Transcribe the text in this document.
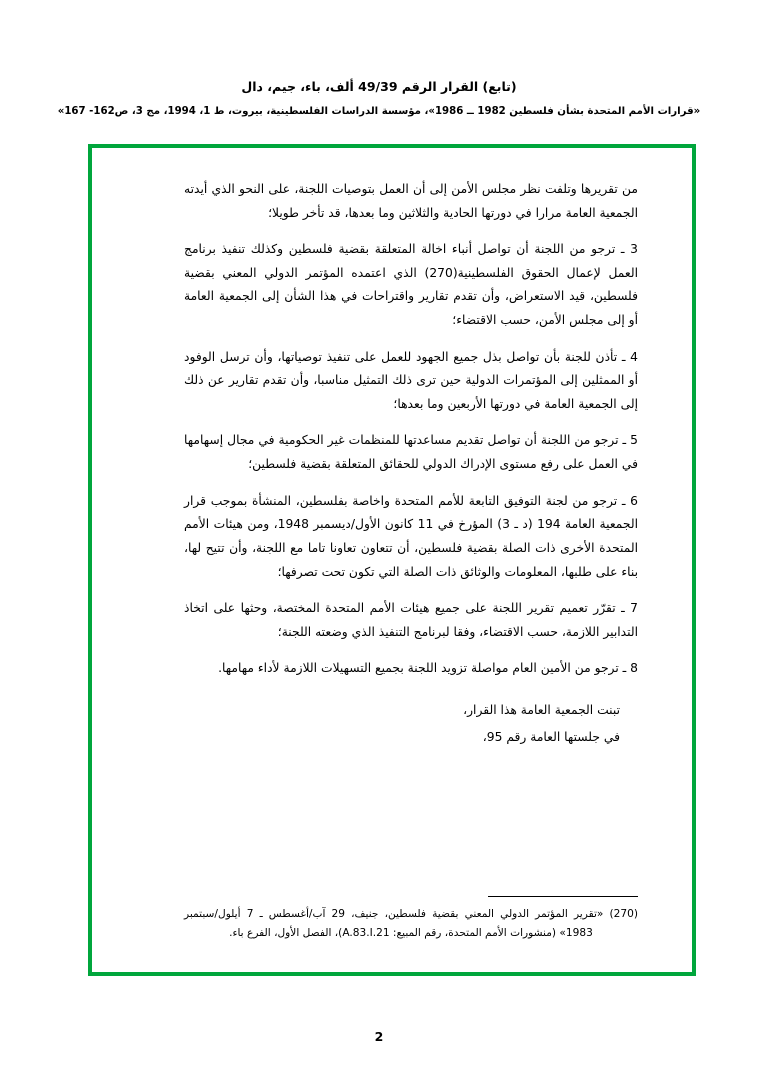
(تابع) القرار الرقم 49/39 ألف، باء، جيم، دال
«قرارات الأمم المتحدة بشأن فلسطين 1982 ــ 1986»، مؤسسة الدراسات الفلسطينية، بيروت، ط 1، 1994، مج 3، ص162- 167»

من تقريرها وتلفت نظر مجلس الأمن إلى أن العمل بتوصيات اللجنة، على النحو الذي أيدته الجمعية العامة مرارا في دورتها الحادية والثلاثين وما بعدها، قد تأخر طويلا؛

3 ـ ترجو من اللجنة أن تواصل أنباء اخالة المتعلقة بقضية فلسطين وكذلك تنفيذ برنامج العمل لإعمال الحقوق الفلسطينية(270) الذي اعتمده المؤتمر الدولي المعني بقضية فلسطين، قيد الاستعراض، وأن تقدم تقارير واقتراحات في هذا الشأن إلى الجمعية العامة أو إلى مجلس الأمن، حسب الاقتضاء؛

4 ـ تأذن للجنة بأن تواصل بذل جميع الجهود للعمل على تنفيذ توصياتها، وأن ترسل الوفود أو الممثلين إلى المؤتمرات الدولية حين ترى ذلك التمثيل مناسبا، وأن تقدم تقارير عن ذلك إلى الجمعية العامة في دورتها الأربعين وما بعدها؛

5 ـ ترجو من اللجنة أن تواصل تقديم مساعدتها للمنظمات غير الحكومية في مجال إسهامها في العمل على رفع مستوى الإدراك الدولي للحقائق المتعلقة بقضية فلسطين؛

6 ـ ترجو من لجنة التوفيق التابعة للأمم المتحدة واخاصة بفلسطين، المنشأة بموجب قرار الجمعية العامة 194 (د ـ 3) المؤرخ في 11 كانون الأول/ديسمبر 1948، ومن هيئات الأمم المتحدة الأخرى ذات الصلة بقضية فلسطين، أن تتعاون تعاونا تاما مع اللجنة، وأن تتيح لها، بناء على طلبها، المعلومات والوثائق ذات الصلة التي تكون تحت تصرفها؛

7 ـ تقرّر تعميم تقرير اللجنة على جميع هيئات الأمم المتحدة المختصة، وحثها على اتخاذ التدابير اللازمة، حسب الاقتضاء، وفقا لبرنامج التنفيذ الذي وضعته اللجنة؛

8 ـ ترجو من الأمين العام مواصلة تزويد اللجنة بجميع التسهيلات اللازمة لأداء مهامها.

تبنت الجمعية العامة هذا القرار،

في جلستها العامة رقم 95،

(270) «تقرير المؤتمر الدولي المعني بقضية فلسطين، جنيف، 29 آب/أغسطس ـ 7 أيلول/سبتمبر 1983» (منشورات الأمم المتحدة، رقم المبيع: A.83.I.21)، الفصل الأول، الفرع باء.

2
